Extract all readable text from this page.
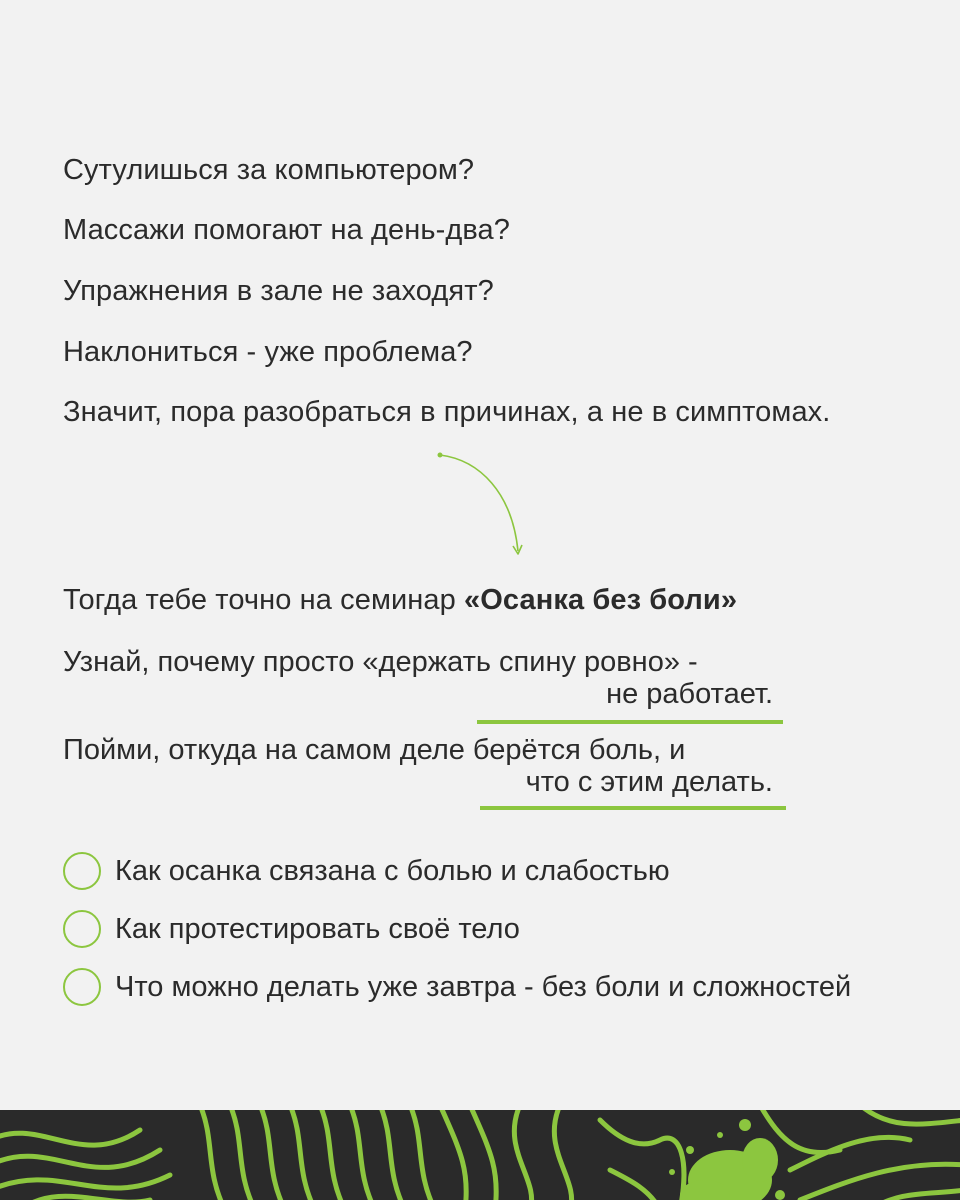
Сутулишься за компьютером?
Массажи помогают на день-два?
Упражнения в зале не заходят?
Наклониться - уже проблема?
Значит, пора разобраться в причинах, а не в симптомах.
Тогда тебе точно на семинар «Осанка без боли»
Узнай, почему просто «держать спину ровно» -
не работает.
Пойми, откуда на самом деле берётся боль, и
что с этим делать.
Как осанка связана с болью и слабостью
Как протестировать своё тело
Что можно делать уже завтра - без боли и сложностей
